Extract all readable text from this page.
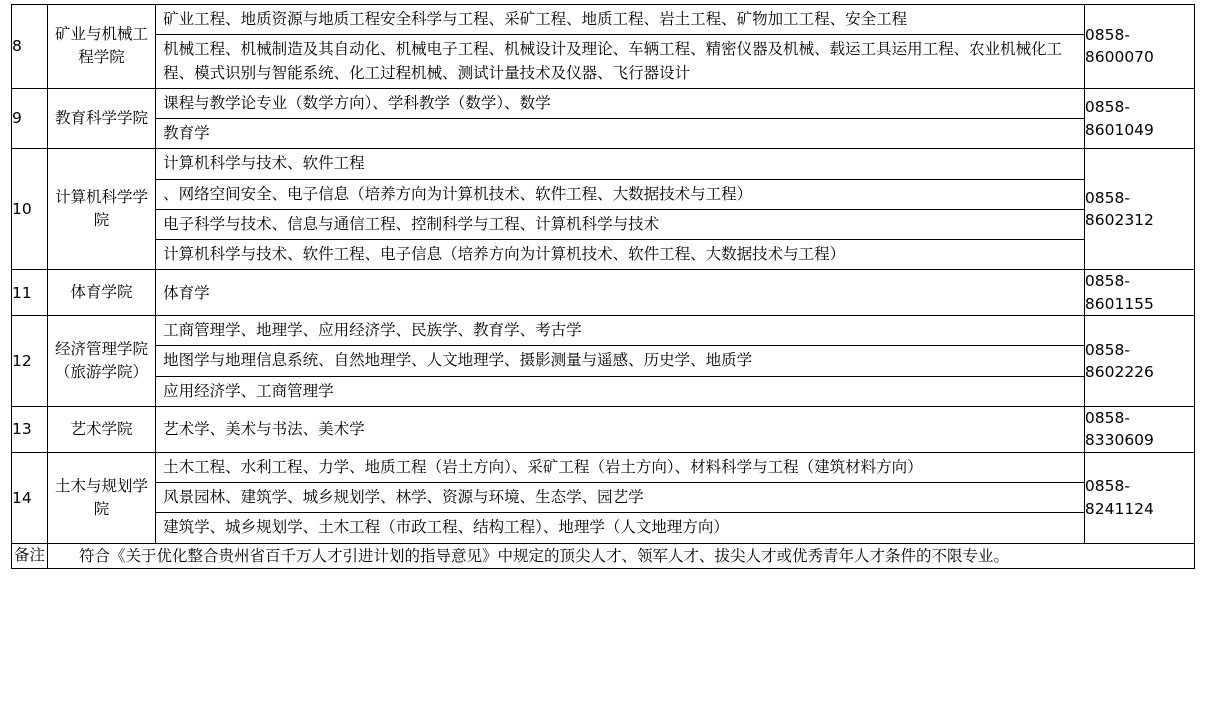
8	矿业与机械工程学院	
矿业工程、地质资源与地质工程安全科学与工程、采矿工程、地质工程、岩土工程、矿物加工工程、安全工程
机械工程、机械制造及其自动化、机械电子工程、机械设计及理论、车辆工程、精密仪器及机械、载运工具运用工程、农业机械化工程、模式识别与智能系统、化工过程机械、测试计量技术及仪器、飞行器设计

0858-
8600070

9	教育科学学院	
课程与教学论专业（数学方向）、学科教学（数学）、数学
教育学

0858-
8601049

10	计算机科学学院	
计算机科学与技术、软件工程
、网络空间安全、电子信息（培养方向为计算机技术、软件工程、大数据技术与工程）
电子科学与技术、信息与通信工程、控制科学与工程、计算机科学与技术
计算机科学与技术、软件工程、电子信息（培养方向为计算机技术、软件工程、大数据技术与工程）

0858-
8602312

11	体育学院	体育学

0858-
8601155

12	经济管理学院（旅游学院）	
工商管理学、地理学、应用经济学、民族学、教育学、考古学
地图学与地理信息系统、自然地理学、人文地理学、摄影测量与遥感、历史学、地质学
应用经济学、工商管理学

0858-
8602226

13	艺术学院	艺术学、美术与书法、美术学

0858-
8330609

14	土木与规划学院	
土木工程、水利工程、力学、地质工程（岩土方向）、采矿工程（岩土方向）、材料科学与工程（建筑材料方向）
风景园林、建筑学、城乡规划学、林学、资源与环境、生态学、园艺学
建筑学、城乡规划学、土木工程（市政工程、结构工程）、地理学（人文地理方向）

0858-
8241124

备注	符合《关于优化整合贵州省百千万人才引进计划的指导意见》中规定的顶尖人才、领军人才、拔尖人才或优秀青年人才条件的不限专业。
